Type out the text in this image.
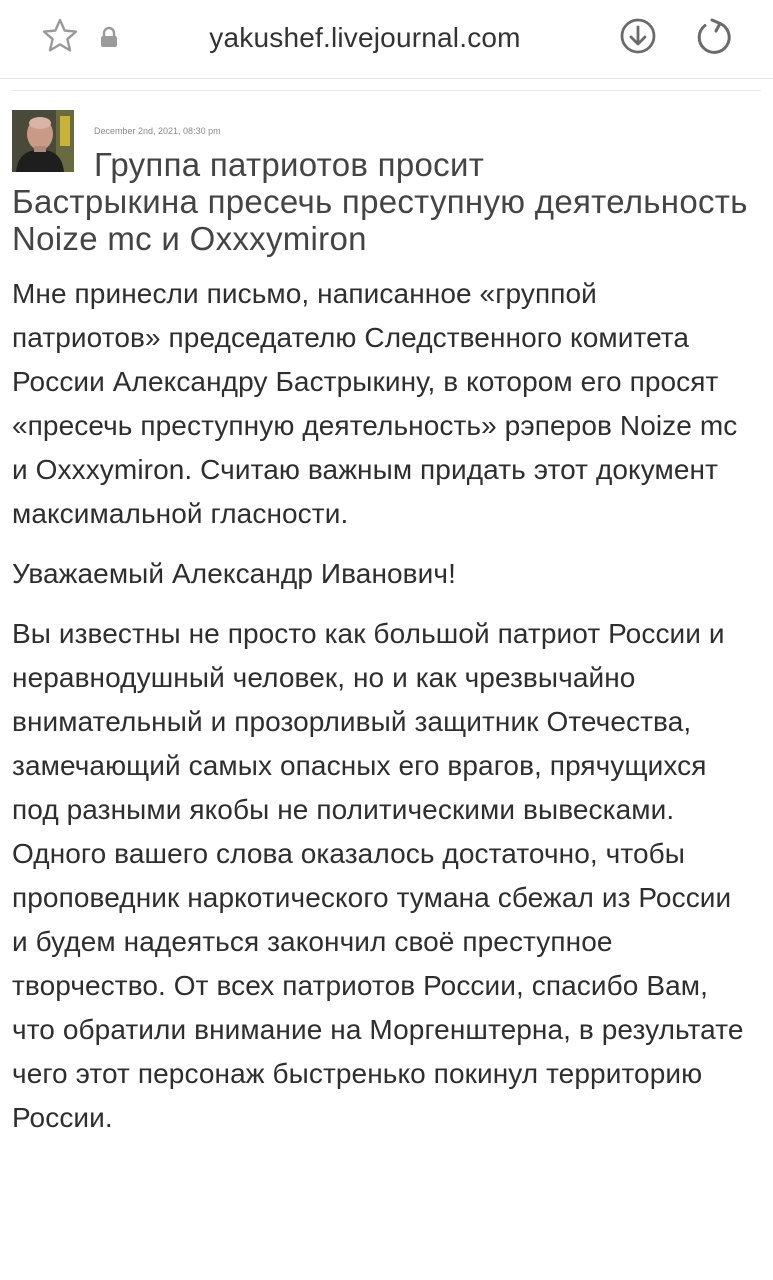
yakushef.livejournal.com
December 2nd, 2021, 08:30 pm
Группа патриотов просит
Бастрыкина пресечь преступную деятельность Noize mc и Oxxxymiron

Мне принесли письмо, написанное «группой патриотов» председателю Следственного комитета России Александру Бастрыкину, в котором его просят «пресечь преступную деятельность» рэперов Noize mc и Oxxxymiron. Считаю важным придать этот документ максимальной гласности.

Уважаемый Александр Иванович!

Вы известны не просто как большой патриот России и неравнодушный человек, но и как чрезвычайно внимательный и прозорливый защитник Отечества, замечающий самых опасных его врагов, прячущихся под разными якобы не политическими вывесками. Одного вашего слова оказалось достаточно, чтобы проповедник наркотического тумана сбежал из России и будем надеяться закончил своё преступное творчество. От всех патриотов России, спасибо Вам, что обратили внимание на Моргенштерна, в результате чего этот персонаж быстренько покинул территорию России.
